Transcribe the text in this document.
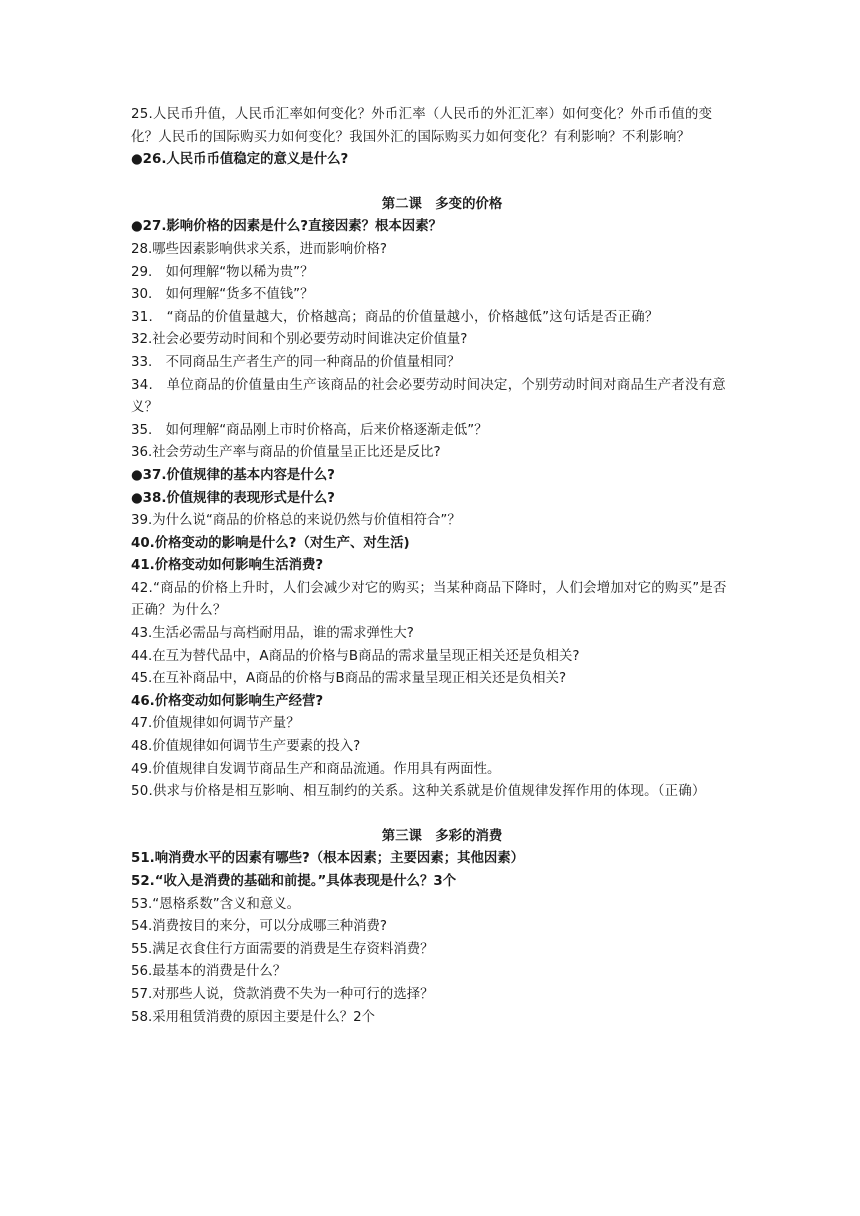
25.人民币升值，人民币汇率如何变化？外币汇率（人民币的外汇汇率）如何变化？外币币值的变化？人民币的国际购买力如何变化？我国外汇的国际购买力如何变化？有利影响？不利影响？

●26.人民币币值稳定的意义是什么?

第二课　多变的价格

●27.影响价格的因素是什么?直接因素？根本因素？

28.哪些因素影响供求关系，进而影响价格?

29.　如何理解“物以稀为贵”？

30.　如何理解“货多不值钱”？

31.　“商品的价值量越大，价格越高；商品的价值量越小，价格越低”这句话是否正确？

32.社会必要劳动时间和个别必要劳动时间谁决定价值量?

33.　不同商品生产者生产的同一种商品的价值量相同？

34.　单位商品的价值量由生产该商品的社会必要劳动时间决定，个别劳动时间对商品生产者没有意义？

35.　如何理解“商品刚上市时价格高，后来价格逐渐走低”？

36.社会劳动生产率与商品的价值量呈正比还是反比?

●37.价值规律的基本内容是什么?

●38.价值规律的表现形式是什么?

39.为什么说“商品的价格总的来说仍然与价值相符合”？

40.价格变动的影响是什么?（对生产、对生活)

41.价格变动如何影响生活消费?

42.“商品的价格上升时，人们会减少对它的购买；当某种商品下降时，人们会增加对它的购买”是否正确？为什么？

43.生活必需品与高档耐用品，谁的需求弹性大?

44.在互为替代品中，A商品的价格与B商品的需求量呈现正相关还是负相关?

45.在互补商品中，A商品的价格与B商品的需求量呈现正相关还是负相关?

46.价格变动如何影响生产经营?

47.价值规律如何调节产量？

48.价值规律如何调节生产要素的投入?

49.价值规律自发调节商品生产和商品流通。作用具有两面性。

50.供求与价格是相互影响、相互制约的关系。这种关系就是价值规律发挥作用的体现。（正确）

第三课　多彩的消费

51.响消费水平的因素有哪些?（根本因素；主要因素；其他因素）

52.“收入是消费的基础和前提。”具体表现是什么？3个

53.“恩格系数”含义和意义。

54.消费按目的来分，可以分成哪三种消费?

55.满足衣食住行方面需要的消费是生存资料消费？

56.最基本的消费是什么？

57.对那些人说，贷款消费不失为一种可行的选择？

58.采用租赁消费的原因主要是什么？2个
